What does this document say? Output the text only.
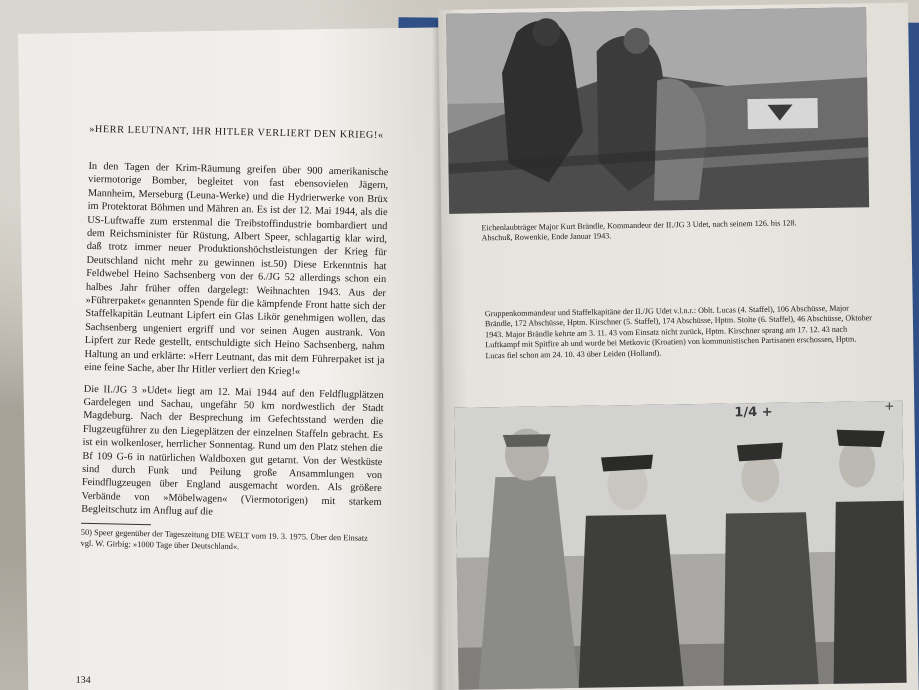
»HERR LEUTNANT, IHR HITLER VERLIERT DEN KRIEG!«

In den Tagen der Krim-Räumung greifen über 900 amerikanische viermotorige Bomber, begleitet von fast ebensovielen Jägern, Mannheim, Merseburg (Leuna-Werke) und die Hydrierwerke von Brüx im Protektorat Böhmen und Mähren an. Es ist der 12. Mai 1944, als die US-Luftwaffe zum erstenmal die Treibstoffindustrie bombardiert und dem Reichsminister für Rüstung, Albert Speer, schlagartig klar wird, daß trotz immer neuer Produktionshöchstleistungen der Krieg für Deutschland nicht mehr zu gewinnen ist.50) Diese Erkenntnis hat Feldwebel Heino Sachsenberg von der 6./JG 52 allerdings schon ein halbes Jahr früher offen dargelegt: Weihnachten 1943. Aus der »Führerpaket« genannten Spende für die kämpfende Front hatte sich der Staffelkapitän Leutnant Lipfert ein Glas Likör genehmigen wollen, das Sachsenberg ungeniert ergriff und vor seinen Augen austrank. Von Lipfert zur Rede gestellt, entschuldigte sich Heino Sachsenberg, nahm Haltung an und erklärte: »Herr Leutnant, das mit dem Führerpaket ist ja eine feine Sache, aber Ihr Hitler verliert den Krieg!«

Die II./JG 3 »Udet« liegt am 12. Mai 1944 auf den Feldflugplätzen Gardelegen und Sachau, ungefähr 50 km nordwestlich der Stadt Magdeburg. Nach der Besprechung im Gefechtsstand werden die Flugzeugführer zu den Liegeplätzen der einzelnen Staffeln gebracht. Es ist ein wolkenloser, herrlicher Sonnentag. Rund um den Platz stehen die Bf 109 G-6 in natürlichen Waldboxen gut getarnt. Von der Westküste sind durch Funk und Peilung große Ansammlungen von Feindflugzeugen über England ausgemacht worden. Als größere Verbände von »Möbelwagen« (Viermotorigen) mit starkem Begleitschutz im Anflug auf die

50) Speer gegenüber der Tageszeitung DIE WELT vom 19. 3. 1975. Über den Einsatz vgl. W. Girbig: »1000 Tage über Deutschland«.

134
Eichenlaubträger Major Kurt Brändle, Kommandeur der II./JG 3 Udet, nach seinem 126. bis 128. Abschuß, Rowenkie, Ende Januar 1943.
Gruppenkommandeur und Staffelkapitäne der II./JG Udet v.l.n.r.: Oblt. Lucas (4. Staffel), 106 Abschüsse, Major Brändle, 172 Abschüsse, Hptm. Kirschner (5. Staffel), 174 Abschüsse, Hptm. Stolte (6. Staffel), 46 Abschüsse, Oktober 1943. Major Brändle kehrte am 3. 11. 43 vom Einsatz nicht zurück, Hptm. Kirschner sprang am 17. 12. 43 nach Luftkampf mit Spitfire ab und wurde bei Metkovic (Kroatien) von kommunistischen Partisanen erschossen, Hptm. Lucas fiel schon am 24. 10. 43 über Leiden (Holland).
1/4 +	+
